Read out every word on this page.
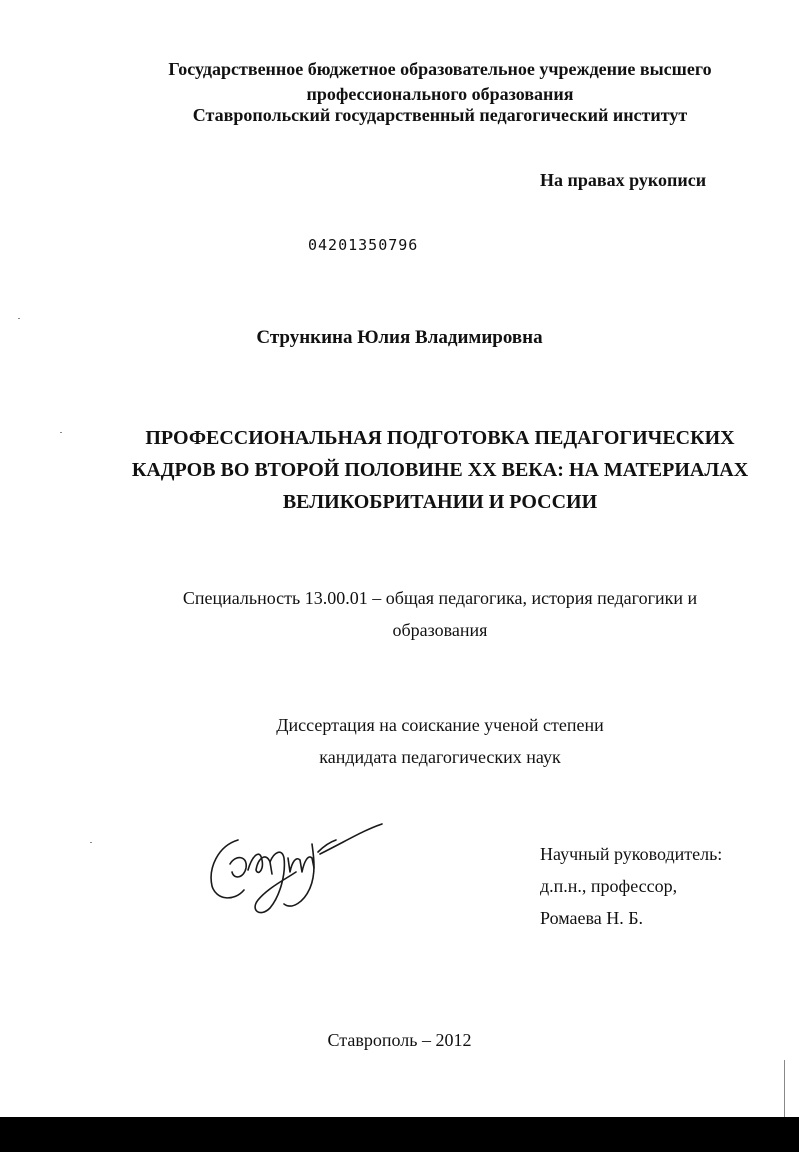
Государственное бюджетное образовательное учреждение высшего
профессионального образования
Ставропольский государственный педагогический институт
На правах рукописи
04201350796
Стрункина Юлия Владимировна
ПРОФЕССИОНАЛЬНАЯ ПОДГОТОВКА ПЕДАГОГИЧЕСКИХ
КАДРОВ ВО ВТОРОЙ ПОЛОВИНЕ ХХ ВЕКА: НА МАТЕРИАЛАХ
ВЕЛИКОБРИТАНИИ И РОССИИ
Специальность 13.00.01 – общая педагогика, история педагогики и
образования
Диссертация на соискание ученой степени
кандидата педагогических наук
Научный руководитель:
д.п.н., профессор,
Ромаева Н. Б.
Ставрополь – 2012
